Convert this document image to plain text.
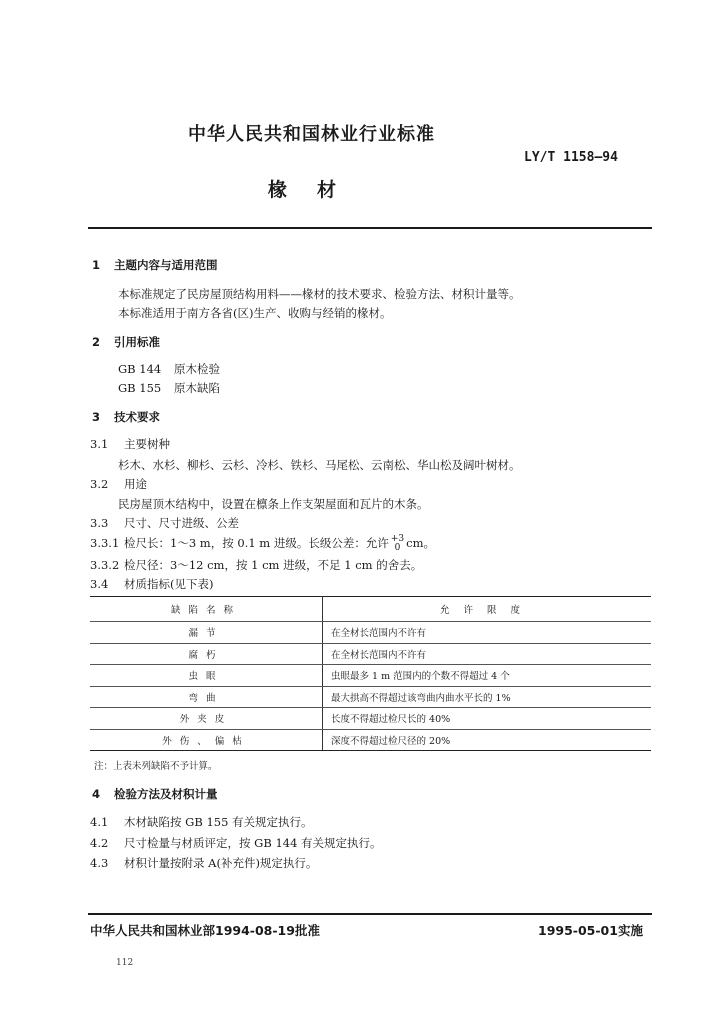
中华人民共和国林业行业标准
LY/T 1158—94
椽材
1 主题内容与适用范围
本标准规定了民房屋顶结构用料——椽材的技术要求、检验方法、材积计量等。
本标准适用于南方各省(区)生产、收购与经销的椽材。
2 引用标准
GB 144 原木检验
GB 155 原木缺陷
3 技术要求
3.1 主要树种
杉木、水杉、柳杉、云杉、冷杉、铁杉、马尾松、云南松、华山松及阔叶树材。
3.2 用途
民房屋顶木结构中，设置在檩条上作支架屋面和瓦片的木条。
3.3 尺寸、尺寸进级、公差
3.3.1 检尺长：1～3 m，按 0.1 m 进级。长级公差：允许 +3
0 cm。
3.3.2 检尺径：3～12 cm，按 1 cm 进级，不足 1 cm 的舍去。
3.4 材质指标(见下表)
缺陷名称	允许限度
漏节	在全材长范围内不许有
腐朽	在全材长范围内不许有
虫眼	虫眼最多 1 m 范围内的个数不得超过 4 个
弯曲	最大拱高不得超过该弯曲内曲水平长的 1%
外夹皮	长度不得超过检尺长的 40%
外伤、偏枯	深度不得超过检尺径的 20%
注：上表未列缺陷不予计算。
4 检验方法及材积计量
4.1 木材缺陷按 GB 155 有关规定执行。
4.2 尺寸检量与材质评定，按 GB 144 有关规定执行。
4.3 材积计量按附录 A(补充件)规定执行。
中华人民共和国林业部1994-08-19批准	1995-05-01实施
112
